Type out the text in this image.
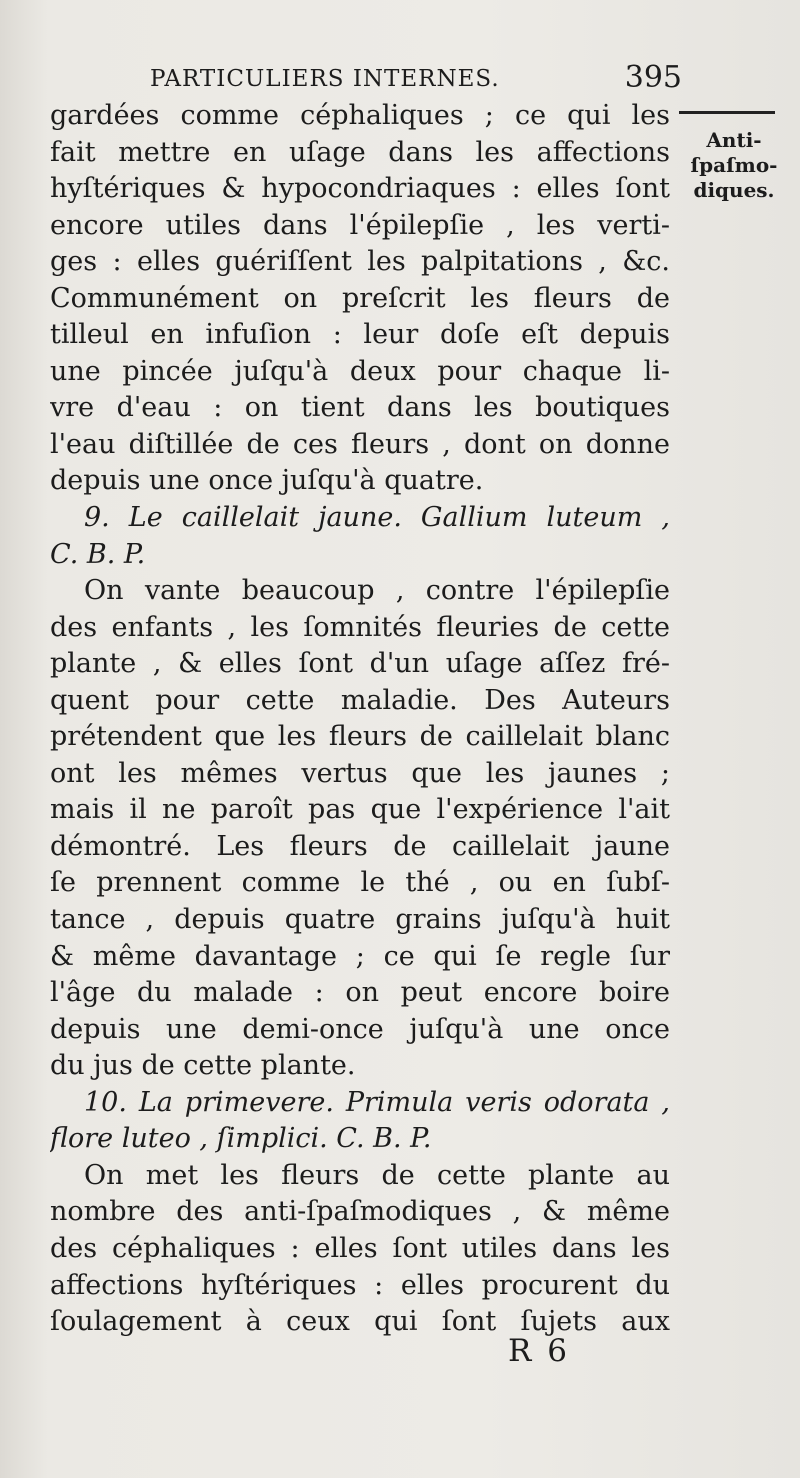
PARTICULIERS INTERNES.	395
Anti-
ſpaſmo-
diques.
gardées comme céphaliques ; ce qui les
fait mettre en uſage dans les affections
hyſtériques & hypocondriaques : elles ſont
encore utiles dans l'épilepſie , les verti-
ges : elles guériſſent les palpitations , &c.
Communément on preſcrit les fleurs de
tilleul en infuſion : leur doſe eſt depuis
une pincée juſqu'à deux pour chaque li-
vre d'eau : on tient dans les boutiques
l'eau diſtillée de ces fleurs , dont on donne
depuis une once juſqu'à quatre.
9. Le caillelait jaune. Gallium luteum ,
C. B. P.
On vante beaucoup , contre l'épilepſie
des enfants , les ſomnités fleuries de cette
plante , & elles ſont d'un uſage aſſez fré-
quent pour cette maladie. Des Auteurs
prétendent que les fleurs de caillelait blanc
ont les mêmes vertus que les jaunes ;
mais il ne paroît pas que l'expérience l'ait
démontré. Les fleurs de caillelait jaune
ſe prennent comme le thé , ou en ſubſ-
tance , depuis quatre grains juſqu'à huit
& même davantage ; ce qui ſe regle ſur
l'âge du malade : on peut encore boire
depuis une demi-once juſqu'à une once
du jus de cette plante.
10. La primevere. Primula veris odorata ,
flore luteo , ſimplici. C. B. P.
On met les fleurs de cette plante au
nombre des anti-ſpaſmodiques , & même
des céphaliques : elles ſont utiles dans les
affections hyſtériques : elles procurent du
ſoulagement à ceux qui ſont ſujets aux
R 6
